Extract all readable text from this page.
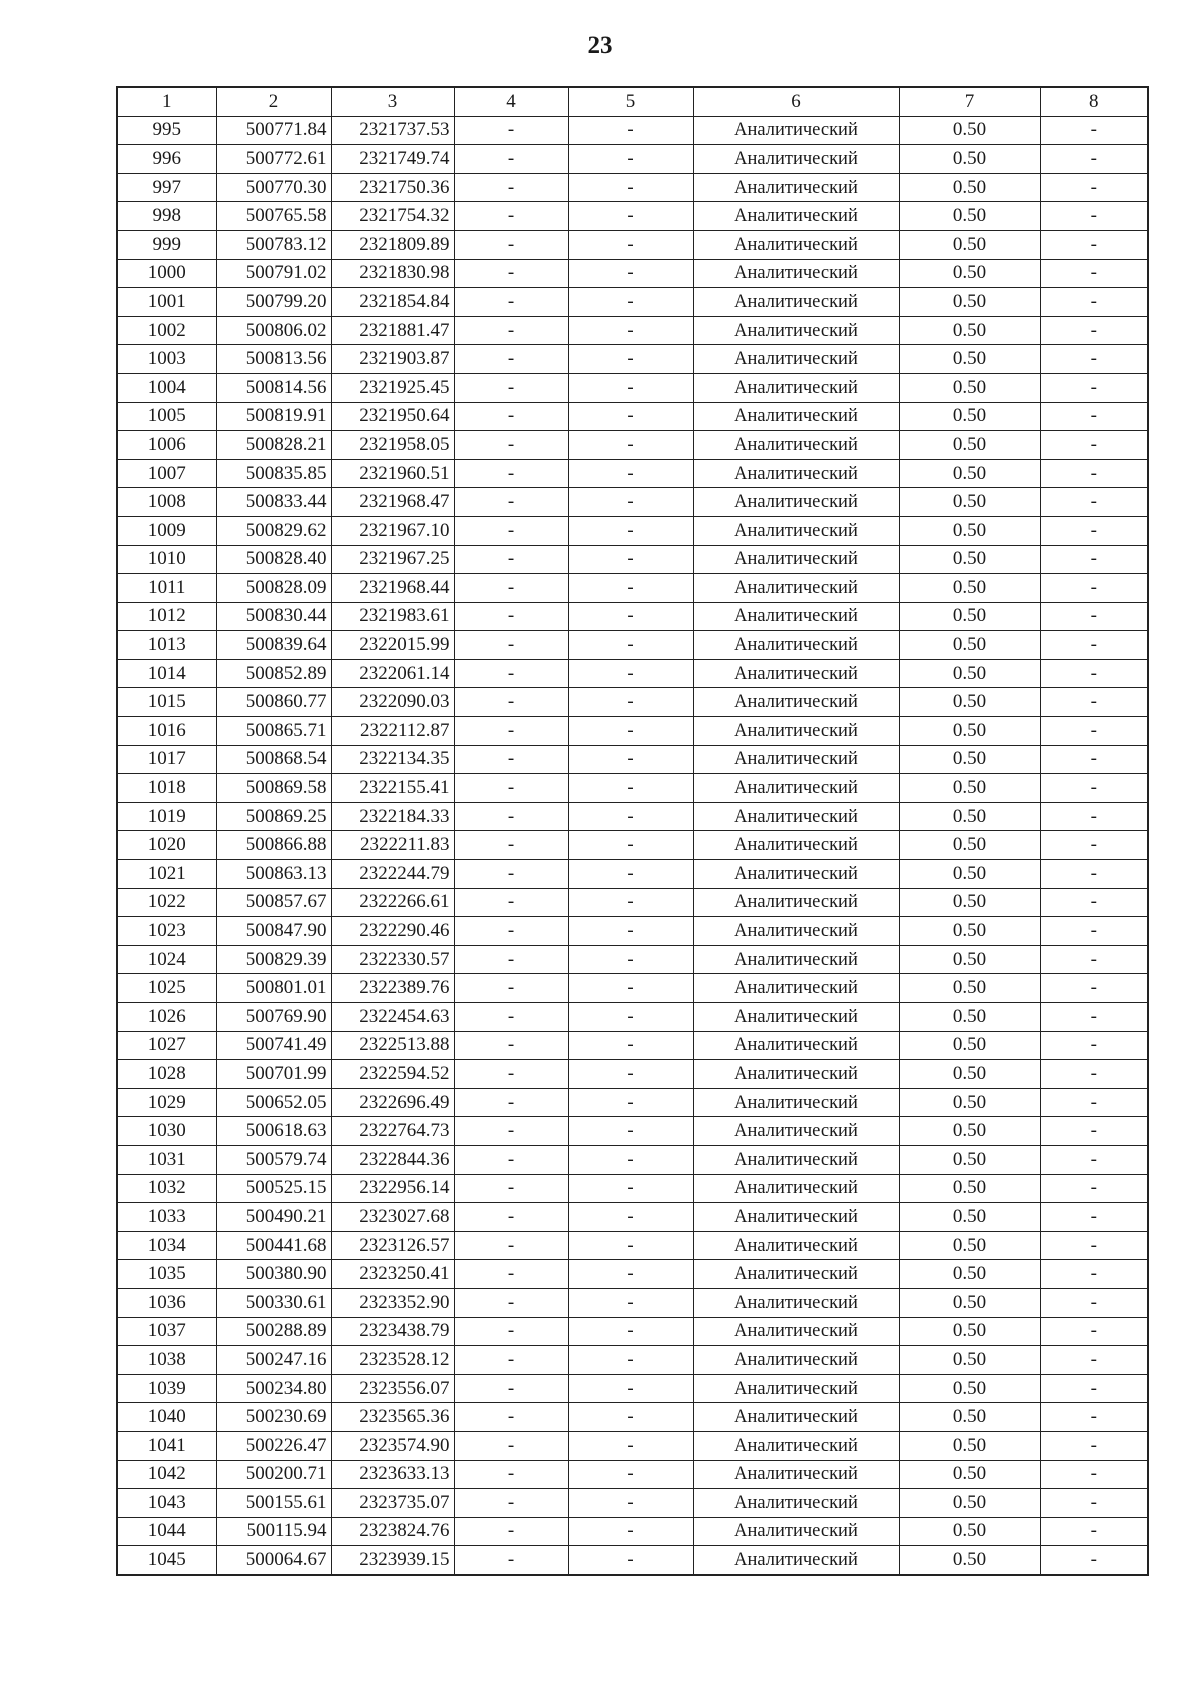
23
1	2	3	4	5	6	7	8
995	500771.84	2321737.53	-	-	Аналитический	0.50	-
996	500772.61	2321749.74	-	-	Аналитический	0.50	-
997	500770.30	2321750.36	-	-	Аналитический	0.50	-
998	500765.58	2321754.32	-	-	Аналитический	0.50	-
999	500783.12	2321809.89	-	-	Аналитический	0.50	-
1000	500791.02	2321830.98	-	-	Аналитический	0.50	-
1001	500799.20	2321854.84	-	-	Аналитический	0.50	-
1002	500806.02	2321881.47	-	-	Аналитический	0.50	-
1003	500813.56	2321903.87	-	-	Аналитический	0.50	-
1004	500814.56	2321925.45	-	-	Аналитический	0.50	-
1005	500819.91	2321950.64	-	-	Аналитический	0.50	-
1006	500828.21	2321958.05	-	-	Аналитический	0.50	-
1007	500835.85	2321960.51	-	-	Аналитический	0.50	-
1008	500833.44	2321968.47	-	-	Аналитический	0.50	-
1009	500829.62	2321967.10	-	-	Аналитический	0.50	-
1010	500828.40	2321967.25	-	-	Аналитический	0.50	-
1011	500828.09	2321968.44	-	-	Аналитический	0.50	-
1012	500830.44	2321983.61	-	-	Аналитический	0.50	-
1013	500839.64	2322015.99	-	-	Аналитический	0.50	-
1014	500852.89	2322061.14	-	-	Аналитический	0.50	-
1015	500860.77	2322090.03	-	-	Аналитический	0.50	-
1016	500865.71	2322112.87	-	-	Аналитический	0.50	-
1017	500868.54	2322134.35	-	-	Аналитический	0.50	-
1018	500869.58	2322155.41	-	-	Аналитический	0.50	-
1019	500869.25	2322184.33	-	-	Аналитический	0.50	-
1020	500866.88	2322211.83	-	-	Аналитический	0.50	-
1021	500863.13	2322244.79	-	-	Аналитический	0.50	-
1022	500857.67	2322266.61	-	-	Аналитический	0.50	-
1023	500847.90	2322290.46	-	-	Аналитический	0.50	-
1024	500829.39	2322330.57	-	-	Аналитический	0.50	-
1025	500801.01	2322389.76	-	-	Аналитический	0.50	-
1026	500769.90	2322454.63	-	-	Аналитический	0.50	-
1027	500741.49	2322513.88	-	-	Аналитический	0.50	-
1028	500701.99	2322594.52	-	-	Аналитический	0.50	-
1029	500652.05	2322696.49	-	-	Аналитический	0.50	-
1030	500618.63	2322764.73	-	-	Аналитический	0.50	-
1031	500579.74	2322844.36	-	-	Аналитический	0.50	-
1032	500525.15	2322956.14	-	-	Аналитический	0.50	-
1033	500490.21	2323027.68	-	-	Аналитический	0.50	-
1034	500441.68	2323126.57	-	-	Аналитический	0.50	-
1035	500380.90	2323250.41	-	-	Аналитический	0.50	-
1036	500330.61	2323352.90	-	-	Аналитический	0.50	-
1037	500288.89	2323438.79	-	-	Аналитический	0.50	-
1038	500247.16	2323528.12	-	-	Аналитический	0.50	-
1039	500234.80	2323556.07	-	-	Аналитический	0.50	-
1040	500230.69	2323565.36	-	-	Аналитический	0.50	-
1041	500226.47	2323574.90	-	-	Аналитический	0.50	-
1042	500200.71	2323633.13	-	-	Аналитический	0.50	-
1043	500155.61	2323735.07	-	-	Аналитический	0.50	-
1044	500115.94	2323824.76	-	-	Аналитический	0.50	-
1045	500064.67	2323939.15	-	-	Аналитический	0.50	-
